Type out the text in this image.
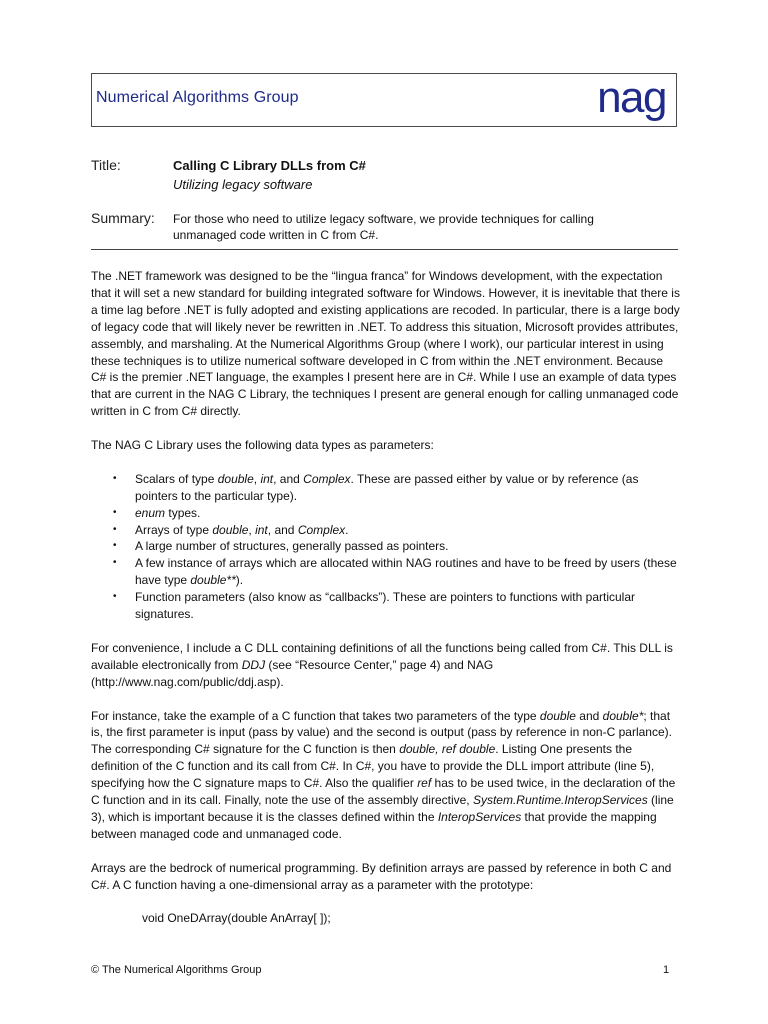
Numerical Algorithms Group	nag
Title:	Calling C Library DLLs from C#
Utilizing legacy software
Summary: For those who need to utilize legacy software, we provide techniques for calling unmanaged code written in C from C#.

The .NET framework was designed to be the “lingua franca” for Windows development, with the expectation that it will set a new standard for building integrated software for Windows. However, it is inevitable that there is a time lag before .NET is fully adopted and existing applications are recoded. In particular, there is a large body of legacy code that will likely never be rewritten in .NET. To address this situation, Microsoft provides attributes, assembly, and marshaling. At the Numerical Algorithms Group (where I work), our particular interest in using these techniques is to utilize numerical software developed in C from within the .NET environment. Because C# is the premier .NET language, the examples I present here are in C#. While I use an example of data types that are current in the NAG C Library, the techniques I present are general enough for calling unmanaged code written in C from C# directly.

The NAG C Library uses the following data types as parameters:

• Scalars of type double, int, and Complex. These are passed either by value or by reference (as pointers to the particular type).
• enum types.
• Arrays of type double, int, and Complex.
• A large number of structures, generally passed as pointers.
• A few instance of arrays which are allocated within NAG routines and have to be freed by users (these have type double**).
• Function parameters (also know as “callbacks”). These are pointers to functions with particular signatures.

For convenience, I include a C DLL containing definitions of all the functions being called from C#. This DLL is available electronically from DDJ (see “Resource Center,” page 4) and NAG (http://www.nag.com/public/ddj.asp).

For instance, take the example of a C function that takes two parameters of the type double and double*; that is, the first parameter is input (pass by value) and the second is output (pass by reference in non-C parlance). The corresponding C# signature for the C function is then double, ref double. Listing One presents the definition of the C function and its call from C#. In C#, you have to provide the DLL import attribute (line 5), specifying how the C signature maps to C#. Also the qualifier ref has to be used twice, in the declaration of the C function and in its call. Finally, note the use of the assembly directive, System.Runtime.InteropServices (line 3), which is important because it is the classes defined within the InteropServices that provide the mapping between managed code and unmanaged code.

Arrays are the bedrock of numerical programming. By definition arrays are passed by reference in both C and C#. A C function having a one-dimensional array as a parameter with the prototype:

void OneDArray(double AnArray[ ]);

© The Numerical Algorithms Group	1
